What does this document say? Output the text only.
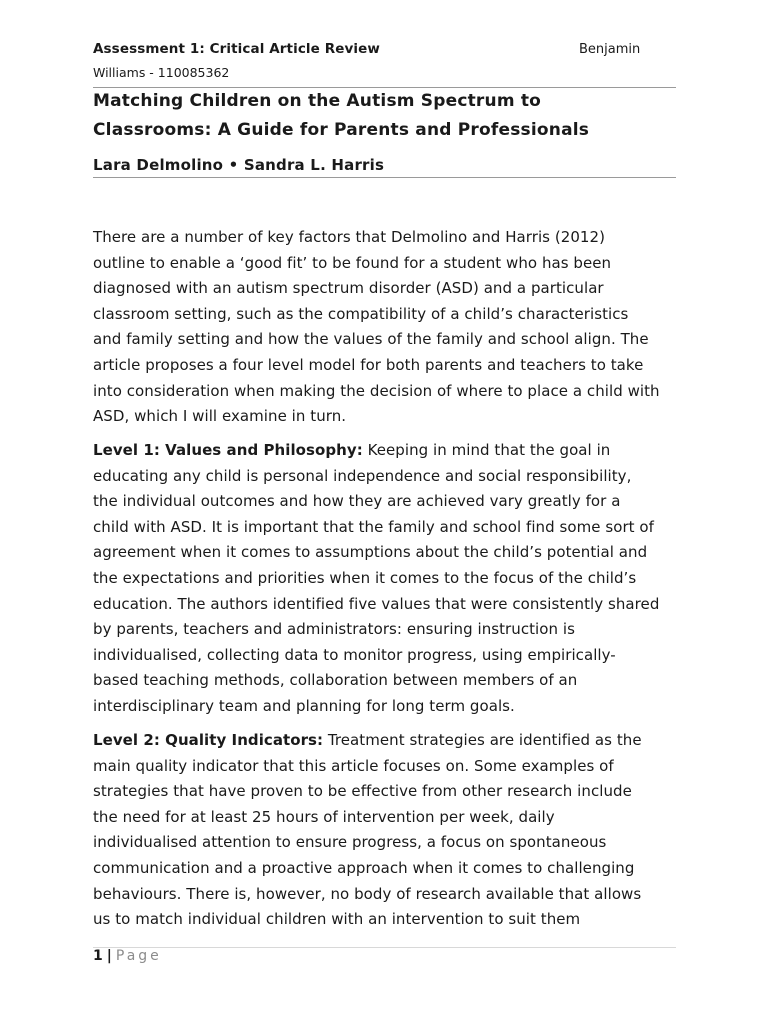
Assessment 1: Critical Article Review	Benjamin
Williams - 110085362
Matching Children on the Autism Spectrum to
Classrooms: A Guide for Parents and Professionals
Lara Delmolino • Sandra L. Harris
There are a number of key factors that Delmolino and Harris (2012)
outline to enable a ‘good fit’ to be found for a student who has been
diagnosed with an autism spectrum disorder (ASD) and a particular
classroom setting, such as the compatibility of a child’s characteristics
and family setting and how the values of the family and school align. The
article proposes a four level model for both parents and teachers to take
into consideration when making the decision of where to place a child with
ASD, which I will examine in turn.
Level 1: Values and Philosophy: Keeping in mind that the goal in
educating any child is personal independence and social responsibility,
the individual outcomes and how they are achieved vary greatly for a
child with ASD. It is important that the family and school find some sort of
agreement when it comes to assumptions about the child’s potential and
the expectations and priorities when it comes to the focus of the child’s
education. The authors identified five values that were consistently shared
by parents, teachers and administrators: ensuring instruction is
individualised, collecting data to monitor progress, using empirically-
based teaching methods, collaboration between members of an
interdisciplinary team and planning for long term goals.
Level 2: Quality Indicators: Treatment strategies are identified as the
main quality indicator that this article focuses on. Some examples of
strategies that have proven to be effective from other research include
the need for at least 25 hours of intervention per week, daily
individualised attention to ensure progress, a focus on spontaneous
communication and a proactive approach when it comes to challenging
behaviours. There is, however, no body of research available that allows
us to match individual children with an intervention to suit them
1 | Page
